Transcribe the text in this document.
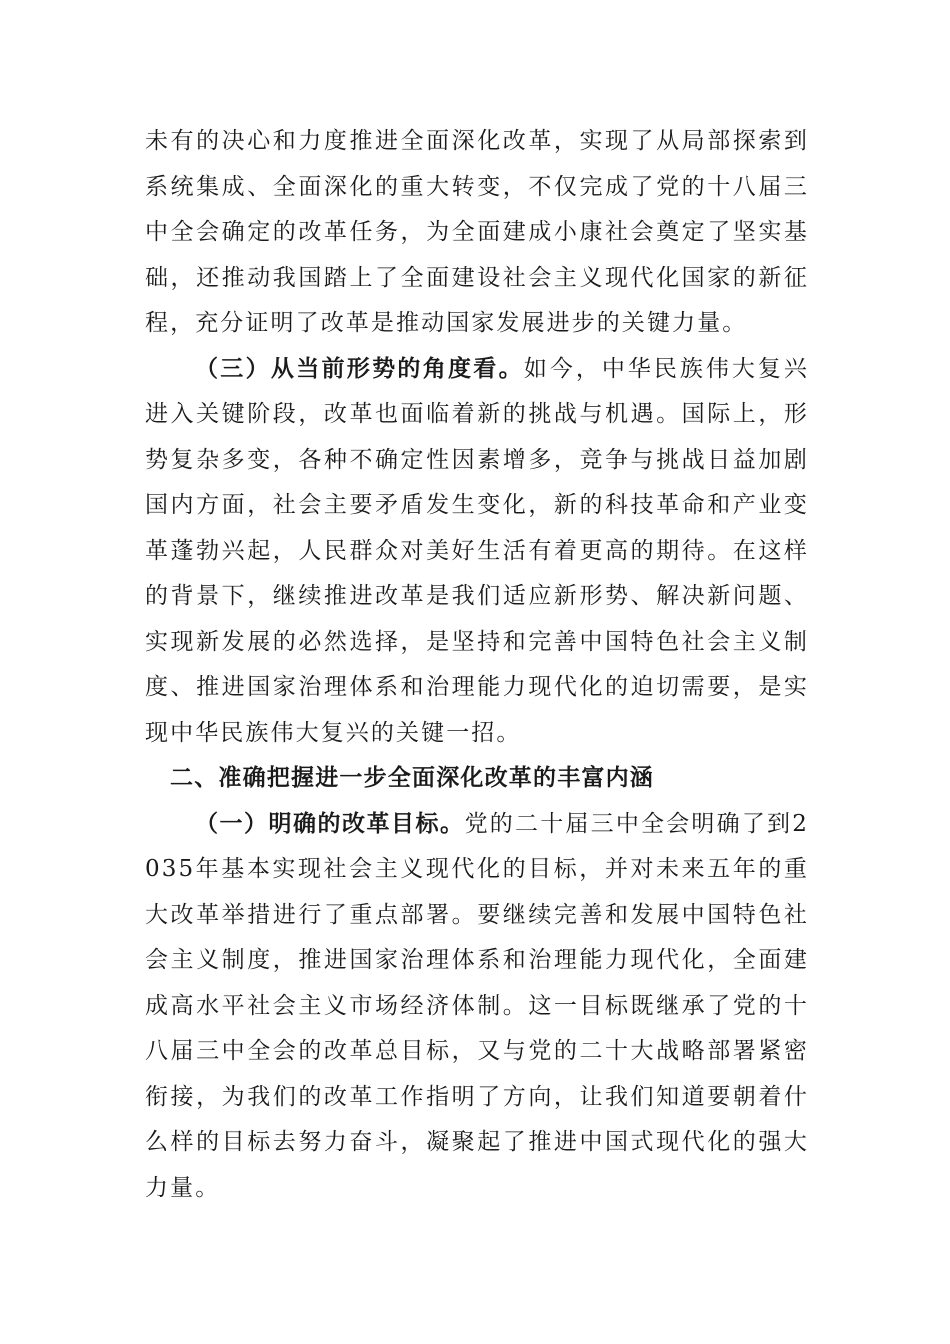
未有的决心和力度推进全面深化改革，实现了从局部探索到系统集成、全面深化的重大转变，不仅完成了党的十八届三中全会确定的改革任务，为全面建成小康社会奠定了坚实基础，还推动我国踏上了全面建设社会主义现代化国家的新征程，充分证明了改革是推动国家发展进步的关键力量。

（三）从当前形势的角度看。如今，中华民族伟大复兴进入关键阶段，改革也面临着新的挑战与机遇。国际上，形势复杂多变，各种不确定性因素增多，竞争与挑战日益加剧国内方面，社会主要矛盾发生变化，新的科技革命和产业变革蓬勃兴起，人民群众对美好生活有着更高的期待。在这样的背景下，继续推进改革是我们适应新形势、解决新问题、实现新发展的必然选择，是坚持和完善中国特色社会主义制度、推进国家治理体系和治理能力现代化的迫切需要，是实现中华民族伟大复兴的关键一招。

二、准确把握进一步全面深化改革的丰富内涵

（一）明确的改革目标。党的二十届三中全会明确了到2035年基本实现社会主义现代化的目标，并对未来五年的重大改革举措进行了重点部署。要继续完善和发展中国特色社会主义制度，推进国家治理体系和治理能力现代化，全面建成高水平社会主义市场经济体制。这一目标既继承了党的十八届三中全会的改革总目标，又与党的二十大战略部署紧密衔接，为我们的改革工作指明了方向，让我们知道要朝着什么样的目标去努力奋斗，凝聚起了推进中国式现代化的强大力量。
